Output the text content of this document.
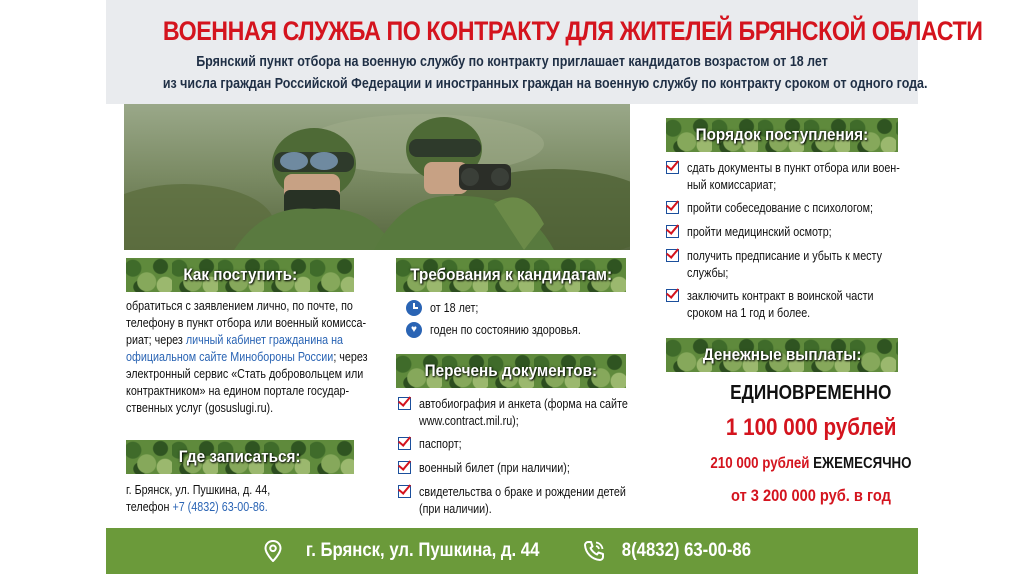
ВОЕННАЯ СЛУЖБА ПО КОНТРАКТУ ДЛЯ ЖИТЕЛЕЙ БРЯНСКОЙ ОБЛАСТИ
Брянский пункт отбора на военную службу по контракту приглашает кандидатов возрастом от 18 лет
из числа граждан Российской Федерации и иностранных граждан на военную службу по контракту сроком от одного года.
Как поступить:
обратиться с заявлением лично, по почте, по
телефону в пункт отбора или военный комисса-
риат; через личный кабинет гражданина на
официальном сайте Минобороны России; через
электронный сервис «Стать добровольцем или
контрактником» на едином портале государ-
ственных услуг (gosuslugi.ru).
Где записаться:
г. Брянск, ул. Пушкина, д. 44,
телефон +7 (4832) 63-00-86.
Требования к кандидатам:
от 18 лет;
♥	годен по состоянию здоровья.
Перечень документов:
автобиография и анкета (форма на сайте
www.contract.mil.ru);
паспорт;
военный билет (при наличии);
свидетельства о браке и рождении детей
(при наличии).
Порядок поступления:
сдать документы в пункт отбора или воен-
ный комиссариат;
пройти собеседование с психологом;
пройти медицинский осмотр;
получить предписание и убыть к месту
службы;
заключить контракт в воинской части
сроком на 1 год и более.
Денежные выплаты:
ЕДИНОВРЕМЕННО
1 100 000 рублей
210 000 рублей ЕЖЕМЕСЯЧНО
от 3 200 000 руб. в год
г. Брянск, ул. Пушкина, д. 44	8(4832) 63-00-86
